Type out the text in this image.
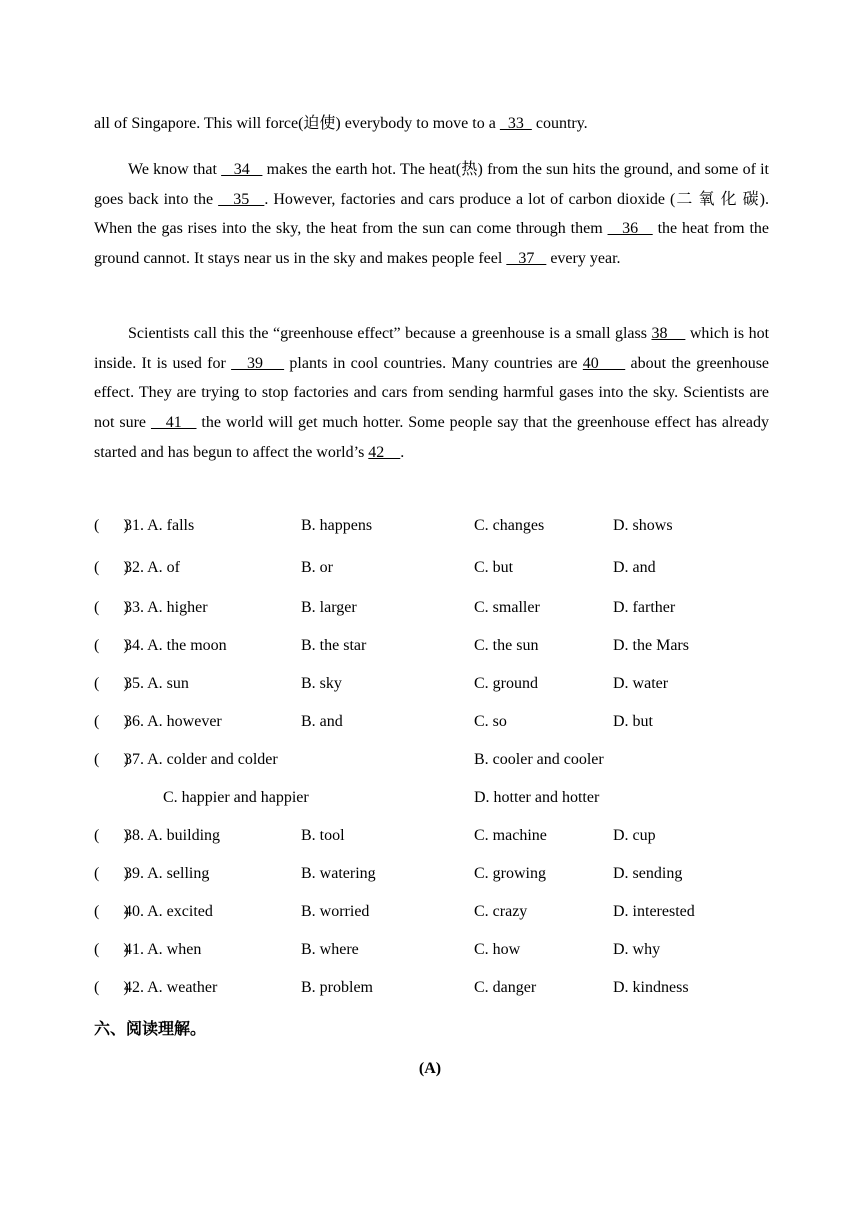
all of Singapore. This will force(迫使) everybody to move to a   33   country.

We know that    34    makes the earth hot. The heat(热) from the sun hits the ground, and some of it goes back into the    35   . However, factories and cars produce a lot of carbon dioxide (二 氧 化 碳). When the gas rises into the sky, the heat from the sun can come through them    36    the heat from the ground cannot. It stays near us in the sky and makes people feel    37    every year.

Scientists call this the “greenhouse effect” because a greenhouse is a small glass 38     which is hot inside. It is used for    39     plants in cool countries. Many countries are 40      about the greenhouse effect. They are trying to stop factories and cars from sending harmful gases into the sky. Scientists are not sure    41    the world will get much hotter. Some people say that the greenhouse effect has already started and has begun to affect the world’s 42    .

(      )
31. A. falls	B. happens	C. changes	D. shows
(      )
32. A. of	B. or	C. but	D. and
(      )
33. A. higher	B. larger	C. smaller	D. farther
(      )
34. A. the moon	B. the star	C. the sun	D. the Mars
(      )
35. A. sun	B. sky	C. ground	D. water
(      )
36. A. however	B. and	C. so	D. but
(      )
37. A. colder and colder	B. cooler and cooler
C. happier and happier	D. hotter and hotter
(      )
38. A. building	B. tool	C. machine	D. cup
(      )
39. A. selling	B. watering	C. growing	D. sending
(      )
40. A. excited	B. worried	C. crazy	D. interested
(      )
41. A. when	B. where	C. how	D. why
(      )
42. A. weather	B. problem	C. danger	D. kindness
六、阅读理解。
(A)
